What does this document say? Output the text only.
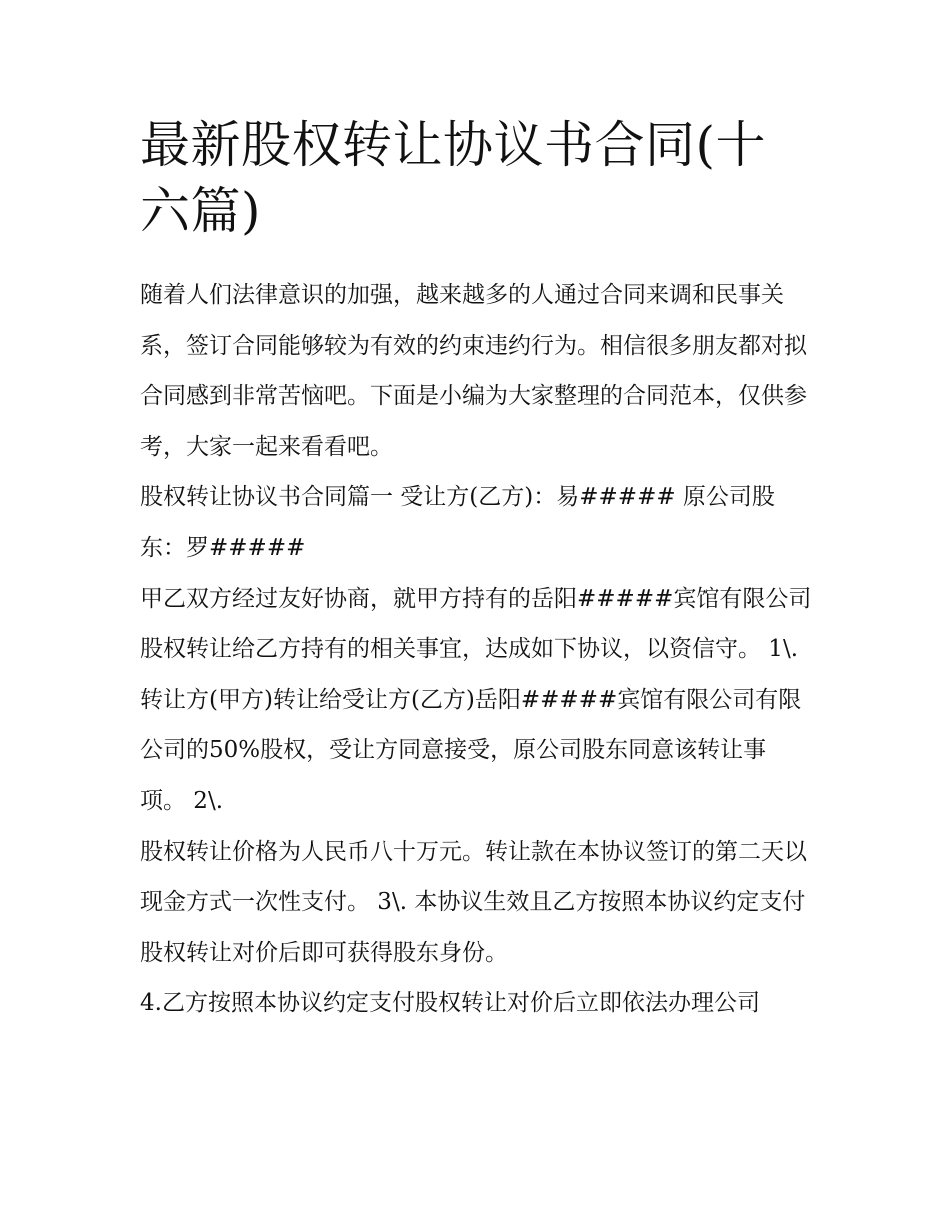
最新股权转让协议书合同(十六篇)

随着人们法律意识的加强，越来越多的人通过合同来调和民事关系，签订合同能够较为有效的约束违约行为。相信很多朋友都对拟合同感到非常苦恼吧。下面是小编为大家整理的合同范本，仅供参考，大家一起来看看吧。

股权转让协议书合同篇一 受让方(乙方)：易##### 原公司股东：罗#####

甲乙双方经过友好协商，就甲方持有的岳阳#####宾馆有限公司股权转让给乙方持有的相关事宜，达成如下协议，以资信守。 1\.

转让方(甲方)转让给受让方(乙方)岳阳#####宾馆有限公司有限公司的50%股权，受让方同意接受，原公司股东同意该转让事项。 2\.

股权转让价格为人民币八十万元。转让款在本协议签订的第二天以现金方式一次性支付。 3\. 本协议生效且乙方按照本协议约定支付股权转让对价后即可获得股东身份。

4.乙方按照本协议约定支付股权转让对价后立即依法办理公司
